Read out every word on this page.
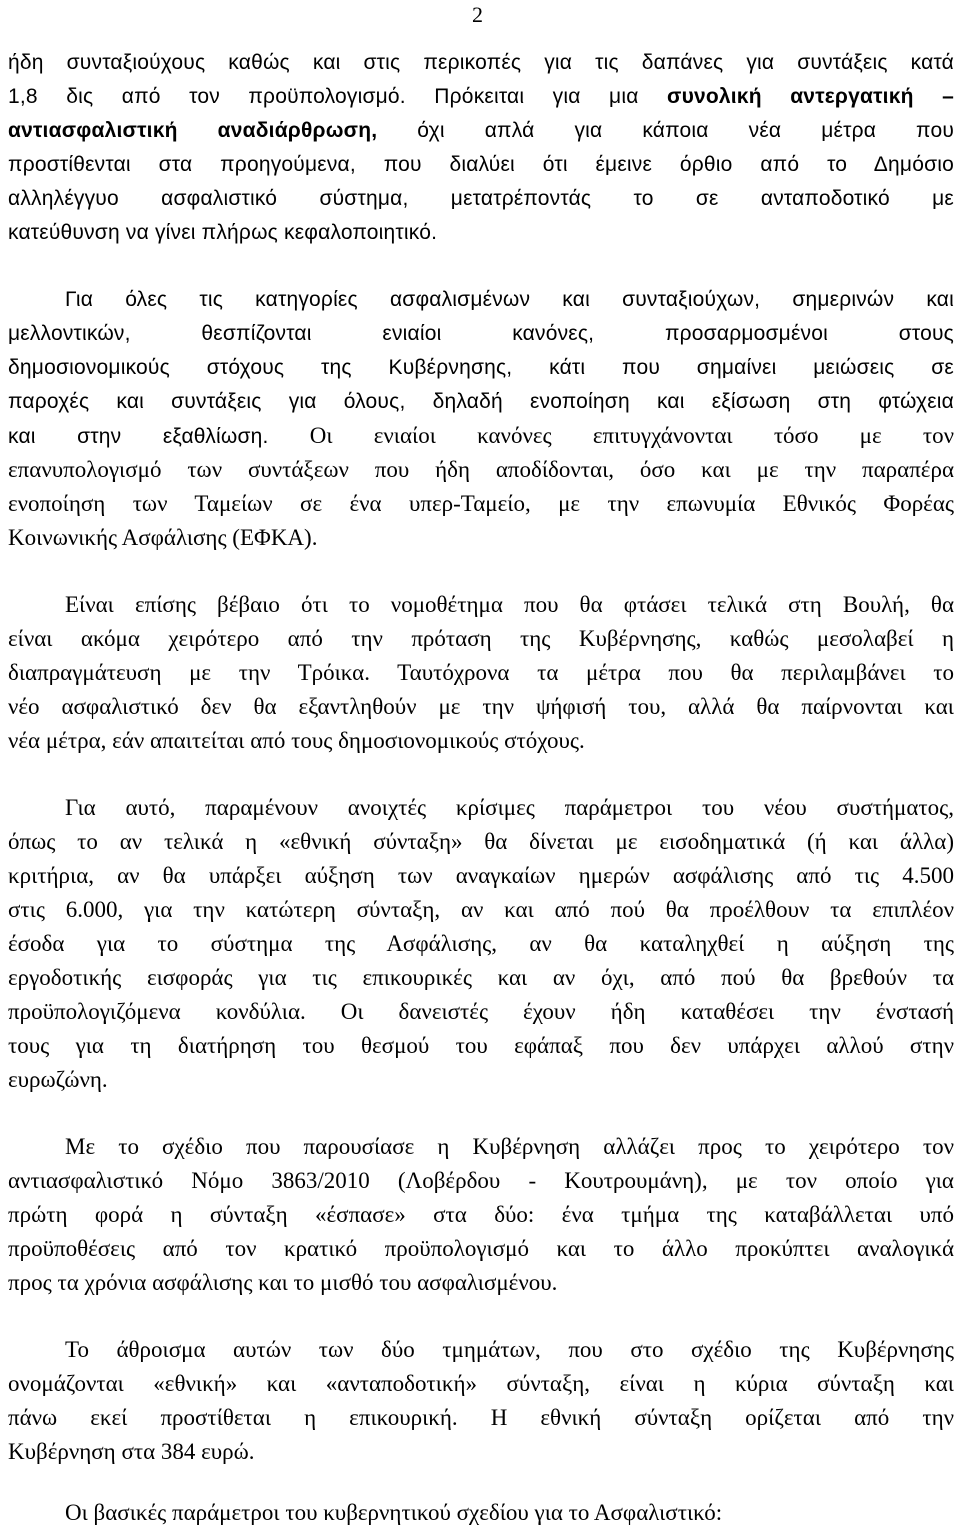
2
ήδη συνταξιούχους καθώς και στις περικοπές για τις δαπάνες για συντάξεις κατά
1,8 δις από τον προϋπολογισμό. Πρόκειται για μια συνολική αντεργατική –
αντιασφαλιστική αναδιάρθρωση, όχι απλά για κάποια νέα μέτρα που
προστίθενται στα προηγούμενα, που διαλύει ότι έμεινε όρθιο από το Δημόσιο
αλληλέγγυο ασφαλιστικό σύστημα, μετατρέποντάς το σε ανταποδοτικό με
κατεύθυνση να γίνει πλήρως κεφαλοποιητικό.
Για όλες τις κατηγορίες ασφαλισμένων και συνταξιούχων, σημερινών και
μελλοντικών, θεσπίζονται ενιαίοι κανόνες, προσαρμοσμένοι στους
δημοσιονομικούς στόχους της Κυβέρνησης, κάτι που σημαίνει μειώσεις σε
παροχές και συντάξεις για όλους, δηλαδή ενοποίηση και εξίσωση στη φτώχεια
και στην εξαθλίωση. Οι ενιαίοι κανόνες επιτυγχάνονται τόσο με τον
επανυπολογισμό των συντάξεων που ήδη αποδίδονται, όσο και με την παραπέρα
ενοποίηση των Ταμείων σε ένα υπερ-Ταμείο, με την επωνυμία Εθνικός Φορέας
Κοινωνικής Ασφάλισης (ΕΦΚΑ).
Είναι επίσης βέβαιο ότι το νομοθέτημα που θα φτάσει τελικά στη Βουλή, θα
είναι ακόμα χειρότερο από την πρόταση της Κυβέρνησης, καθώς μεσολαβεί η
διαπραγμάτευση με την Τρόικα. Ταυτόχρονα τα μέτρα που θα περιλαμβάνει το
νέο ασφαλιστικό δεν θα εξαντληθούν με την ψήφισή του, αλλά θα παίρνονται και
νέα μέτρα, εάν απαιτείται από τους δημοσιονομικούς στόχους.
Για αυτό, παραμένουν ανοιχτές κρίσιμες παράμετροι του νέου συστήματος,
όπως το αν τελικά η «εθνική σύνταξη» θα δίνεται με εισοδηματικά (ή και άλλα)
κριτήρια, αν θα υπάρξει αύξηση των αναγκαίων ημερών ασφάλισης από τις 4.500
στις 6.000, για την κατώτερη σύνταξη, αν και από πού θα προέλθουν τα επιπλέον
έσοδα για το σύστημα της Ασφάλισης, αν θα καταληχθεί η αύξηση της
εργοδοτικής εισφοράς για τις επικουρικές και αν όχι, από πού θα βρεθούν τα
προϋπολογιζόμενα κονδύλια. Οι δανειστές έχουν ήδη καταθέσει την ένστασή
τους για τη διατήρηση του θεσμού του εφάπαξ που δεν υπάρχει αλλού στην
ευρωζώνη.
Με το σχέδιο που παρουσίασε η Κυβέρνηση αλλάζει προς το χειρότερο τον
αντιασφαλιστικό Νόμο 3863/2010 (Λοβέρδου - Κουτρουμάνη), με τον οποίο για
πρώτη φορά η σύνταξη «έσπασε» στα δύο: ένα τμήμα της καταβάλλεται υπό
προϋποθέσεις από τον κρατικό προϋπολογισμό και το άλλο προκύπτει αναλογικά
προς τα χρόνια ασφάλισης και το μισθό του ασφαλισμένου.
Το άθροισμα αυτών των δύο τμημάτων, που στο σχέδιο της Κυβέρνησης
ονομάζονται «εθνική» και «ανταποδοτική» σύνταξη, είναι η κύρια σύνταξη και
πάνω εκεί προστίθεται η επικουρική. Η εθνική σύνταξη ορίζεται από την
Κυβέρνηση στα 384 ευρώ.
Οι βασικές παράμετροι του κυβερνητικού σχεδίου για το Ασφαλιστικό:
